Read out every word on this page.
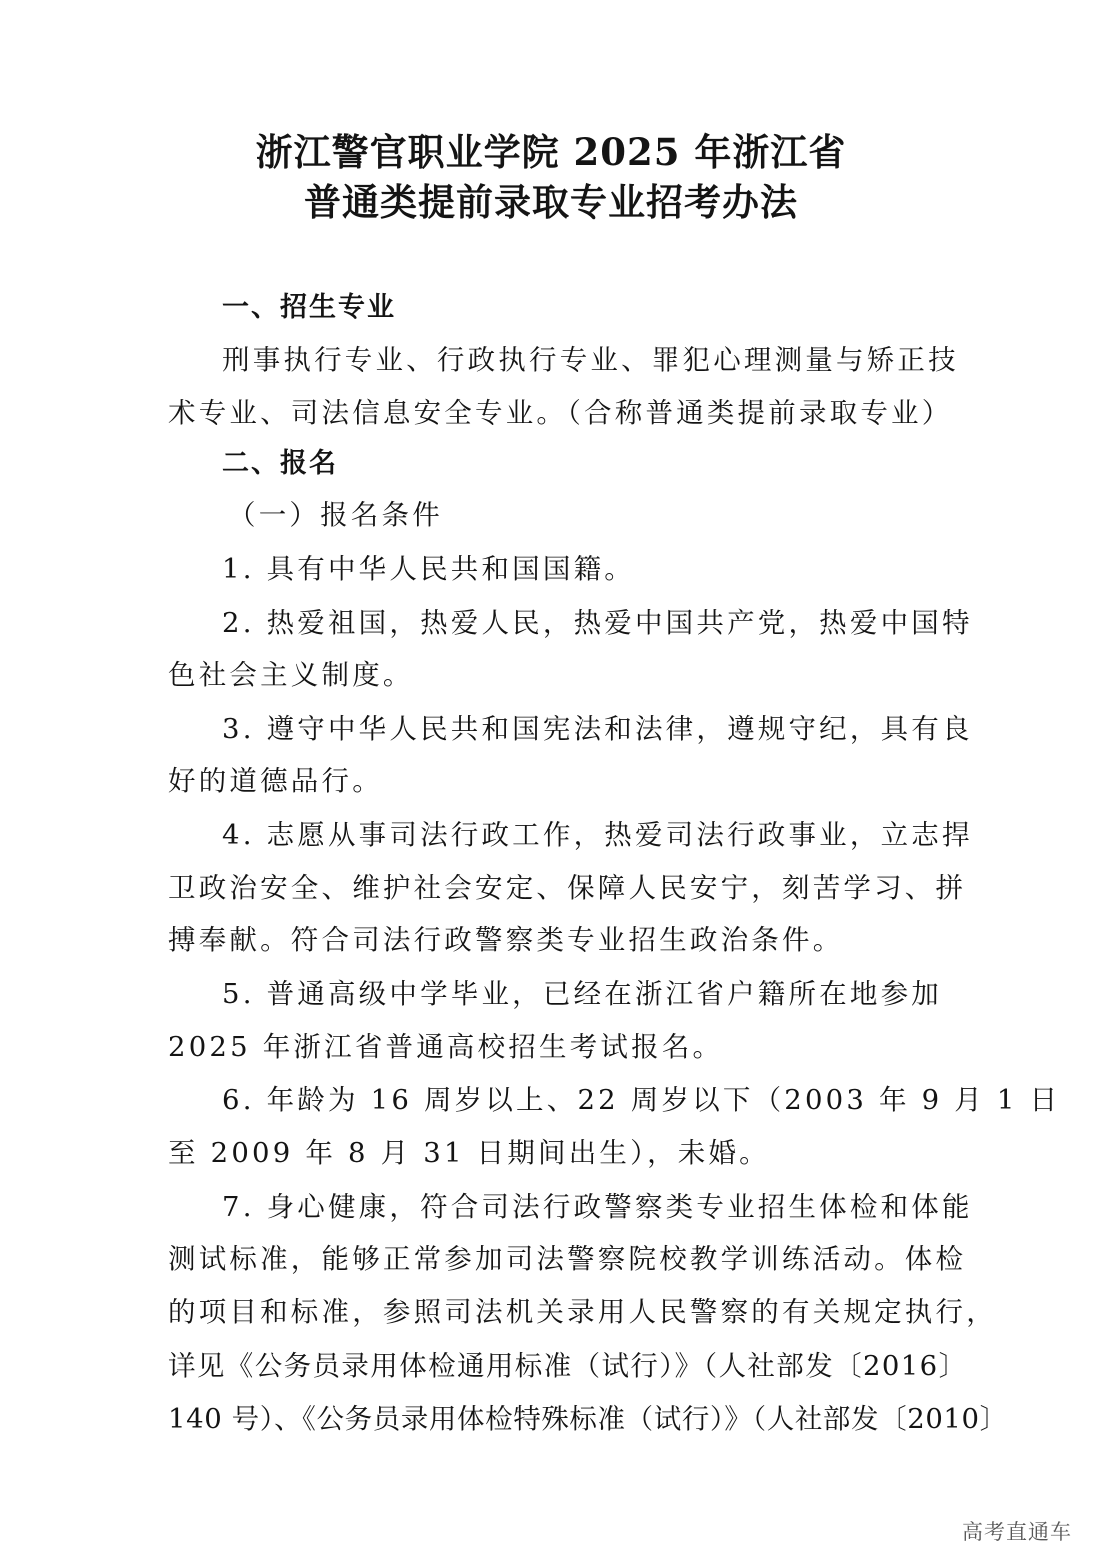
浙江警官职业学院 2025 年浙江省
普通类提前录取专业招考办法
一、招生专业
刑事执行专业、行政执行专业、罪犯心理测量与矫正技
术专业、司法信息安全专业。（合称普通类提前录取专业）
二、报名
（一）报名条件
1. 具有中华人民共和国国籍。
2. 热爱祖国，热爱人民，热爱中国共产党，热爱中国特
色社会主义制度。
3. 遵守中华人民共和国宪法和法律，遵规守纪，具有良
好的道德品行。
4. 志愿从事司法行政工作，热爱司法行政事业，立志捍
卫政治安全、维护社会安定、保障人民安宁，刻苦学习、拼
搏奉献。符合司法行政警察类专业招生政治条件。
5. 普通高级中学毕业，已经在浙江省户籍所在地参加
2025 年浙江省普通高校招生考试报名。
6. 年龄为 16 周岁以上、22 周岁以下（2003 年 9 月 1 日
至 2009 年 8 月 31 日期间出生），未婚。
7. 身心健康，符合司法行政警察类专业招生体检和体能
测试标准，能够正常参加司法警察院校教学训练活动。体检
的项目和标准，参照司法机关录用人民警察的有关规定执行，
详见《公务员录用体检通用标准（试行）》（人社部发〔2016〕
140 号）、《公务员录用体检特殊标准（试行）》（人社部发〔2010〕
高考直通车
